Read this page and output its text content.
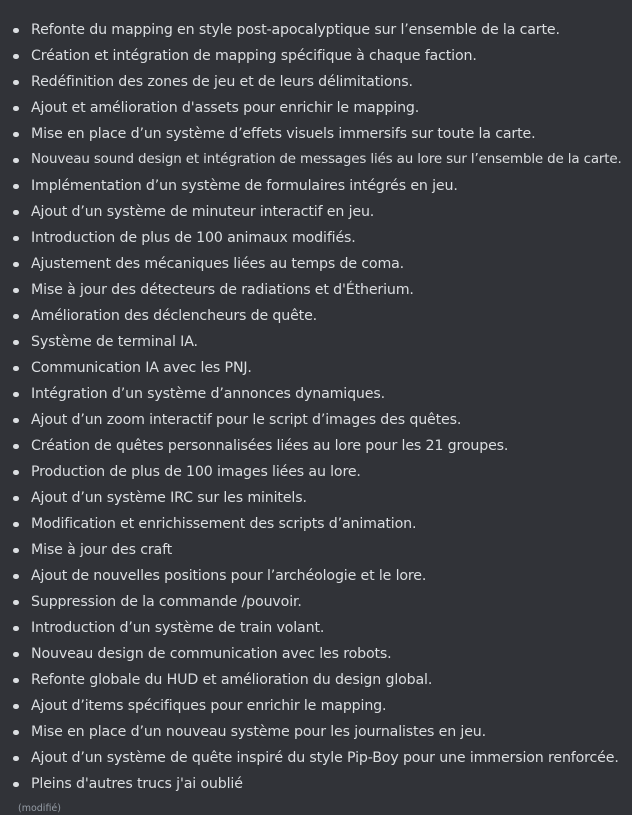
Refonte du mapping en style post-apocalyptique sur l’ensemble de la carte.
Création et intégration de mapping spécifique à chaque faction.
Redéfinition des zones de jeu et de leurs délimitations.
Ajout et amélioration d'assets pour enrichir le mapping.
Mise en place d’un système d’effets visuels immersifs sur toute la carte.
Nouveau sound design et intégration de messages liés au lore sur l’ensemble de la carte.
Implémentation d’un système de formulaires intégrés en jeu.
Ajout d’un système de minuteur interactif en jeu.
Introduction de plus de 100 animaux modifiés.
Ajustement des mécaniques liées au temps de coma.
Mise à jour des détecteurs de radiations et d'Étherium.
Amélioration des déclencheurs de quête.
Système de terminal IA.
Communication IA avec les PNJ.
Intégration d’un système d’annonces dynamiques.
Ajout d’un zoom interactif pour le script d’images des quêtes.
Création de quêtes personnalisées liées au lore pour les 21 groupes.
Production de plus de 100 images liées au lore.
Ajout d’un système IRC sur les minitels.
Modification et enrichissement des scripts d’animation.
Mise à jour des craft
Ajout de nouvelles positions pour l’archéologie et le lore.
Suppression de la commande /pouvoir.
Introduction d’un système de train volant.
Nouveau design de communication avec les robots.
Refonte globale du HUD et amélioration du design global.
Ajout d’items spécifiques pour enrichir le mapping.
Mise en place d’un nouveau système pour les journalistes en jeu.
Ajout d’un système de quête inspiré du style Pip-Boy pour une immersion renforcée.
Pleins d'autres trucs j'ai oublié
(modifié)
